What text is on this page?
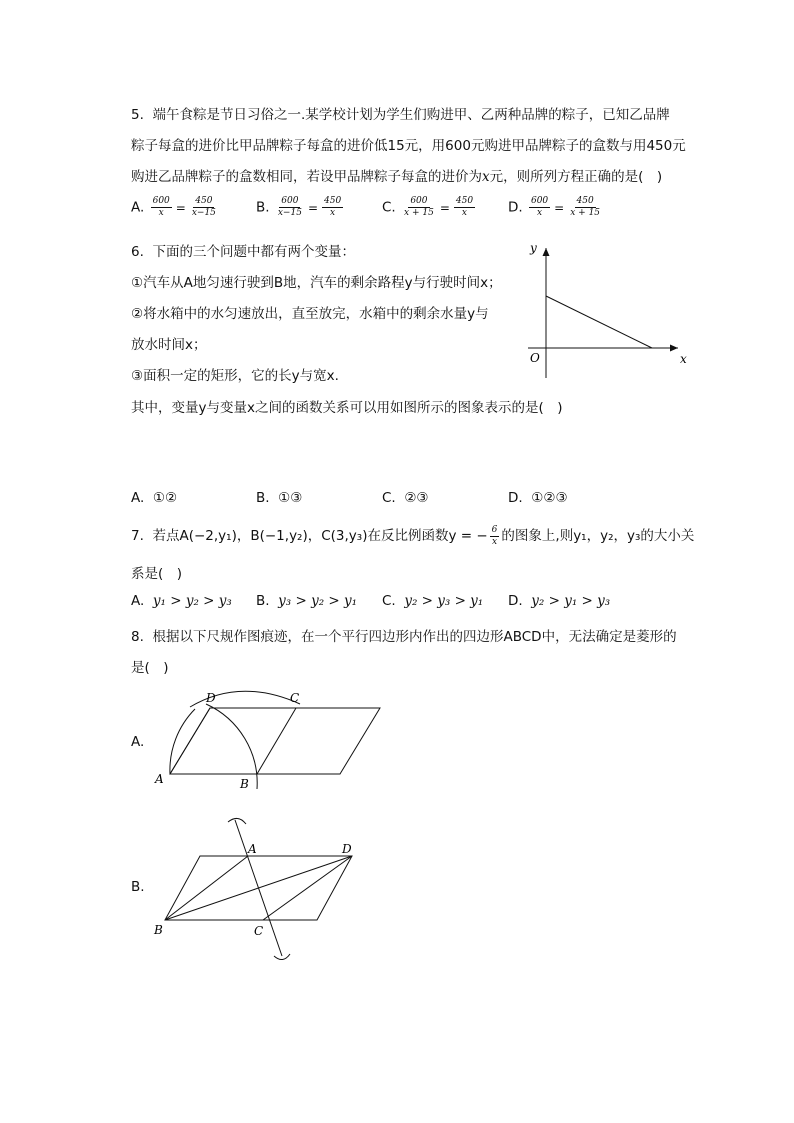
5. 端午食粽是节日习俗之一.某学校计划为学生们购进甲、乙两种品牌的粽子，已知乙品牌
粽子每盒的进价比甲品牌粽子每盒的进价低15元，用600元购进甲品牌粽子的盒数与用450元
购进乙品牌粽子的盒数相同，若设甲品牌粽子每盒的进价为x元，则所列方程正确的是(　)
A. $\frac{600}{x} = \frac{450}{x-15}$	B. $\frac{600}{x-15} = \frac{450}{x}$	C. $\frac{600}{x + 15} = \frac{450}{x} D$. $\frac{600}{x} = \frac{450}{x + 15}$
6. 下面的三个问题中都有两个变量：
①汽车从A地匀速行驶到B地，汽车的剩余路程y与行驶时间x；
②将水箱中的水匀速放出，直至放完，水箱中的剩余水量y与
放水时间x；
③面积一定的矩形，它的长y与宽x.
其中，变量y与变量x之间的函数关系可以用如图所示的图象表示的是(　)
y
x
O
A. ①②	B. ①③	C. ②③	D. ①②③
7. 若点A(−2,y₁)，B(−1,y₂)，C(3,y₃)在反比例函数y = − $\frac{6}{x}$ 的图象上,则y₁，y₂，y₃的大小关
系是(　)
A. y₁ > y₂ > y₃ B. y₃ > y₂ > y₁ C. y₂ > y₃ > y₁ D. y₂ > y₁ > y₃
8. 根据以下尺规作图痕迹，在一个平行四边形内作出的四边形ABCD中，无法确定是菱形的
是(　)
A.
D	C
A	B
B.
A	D
B	C
